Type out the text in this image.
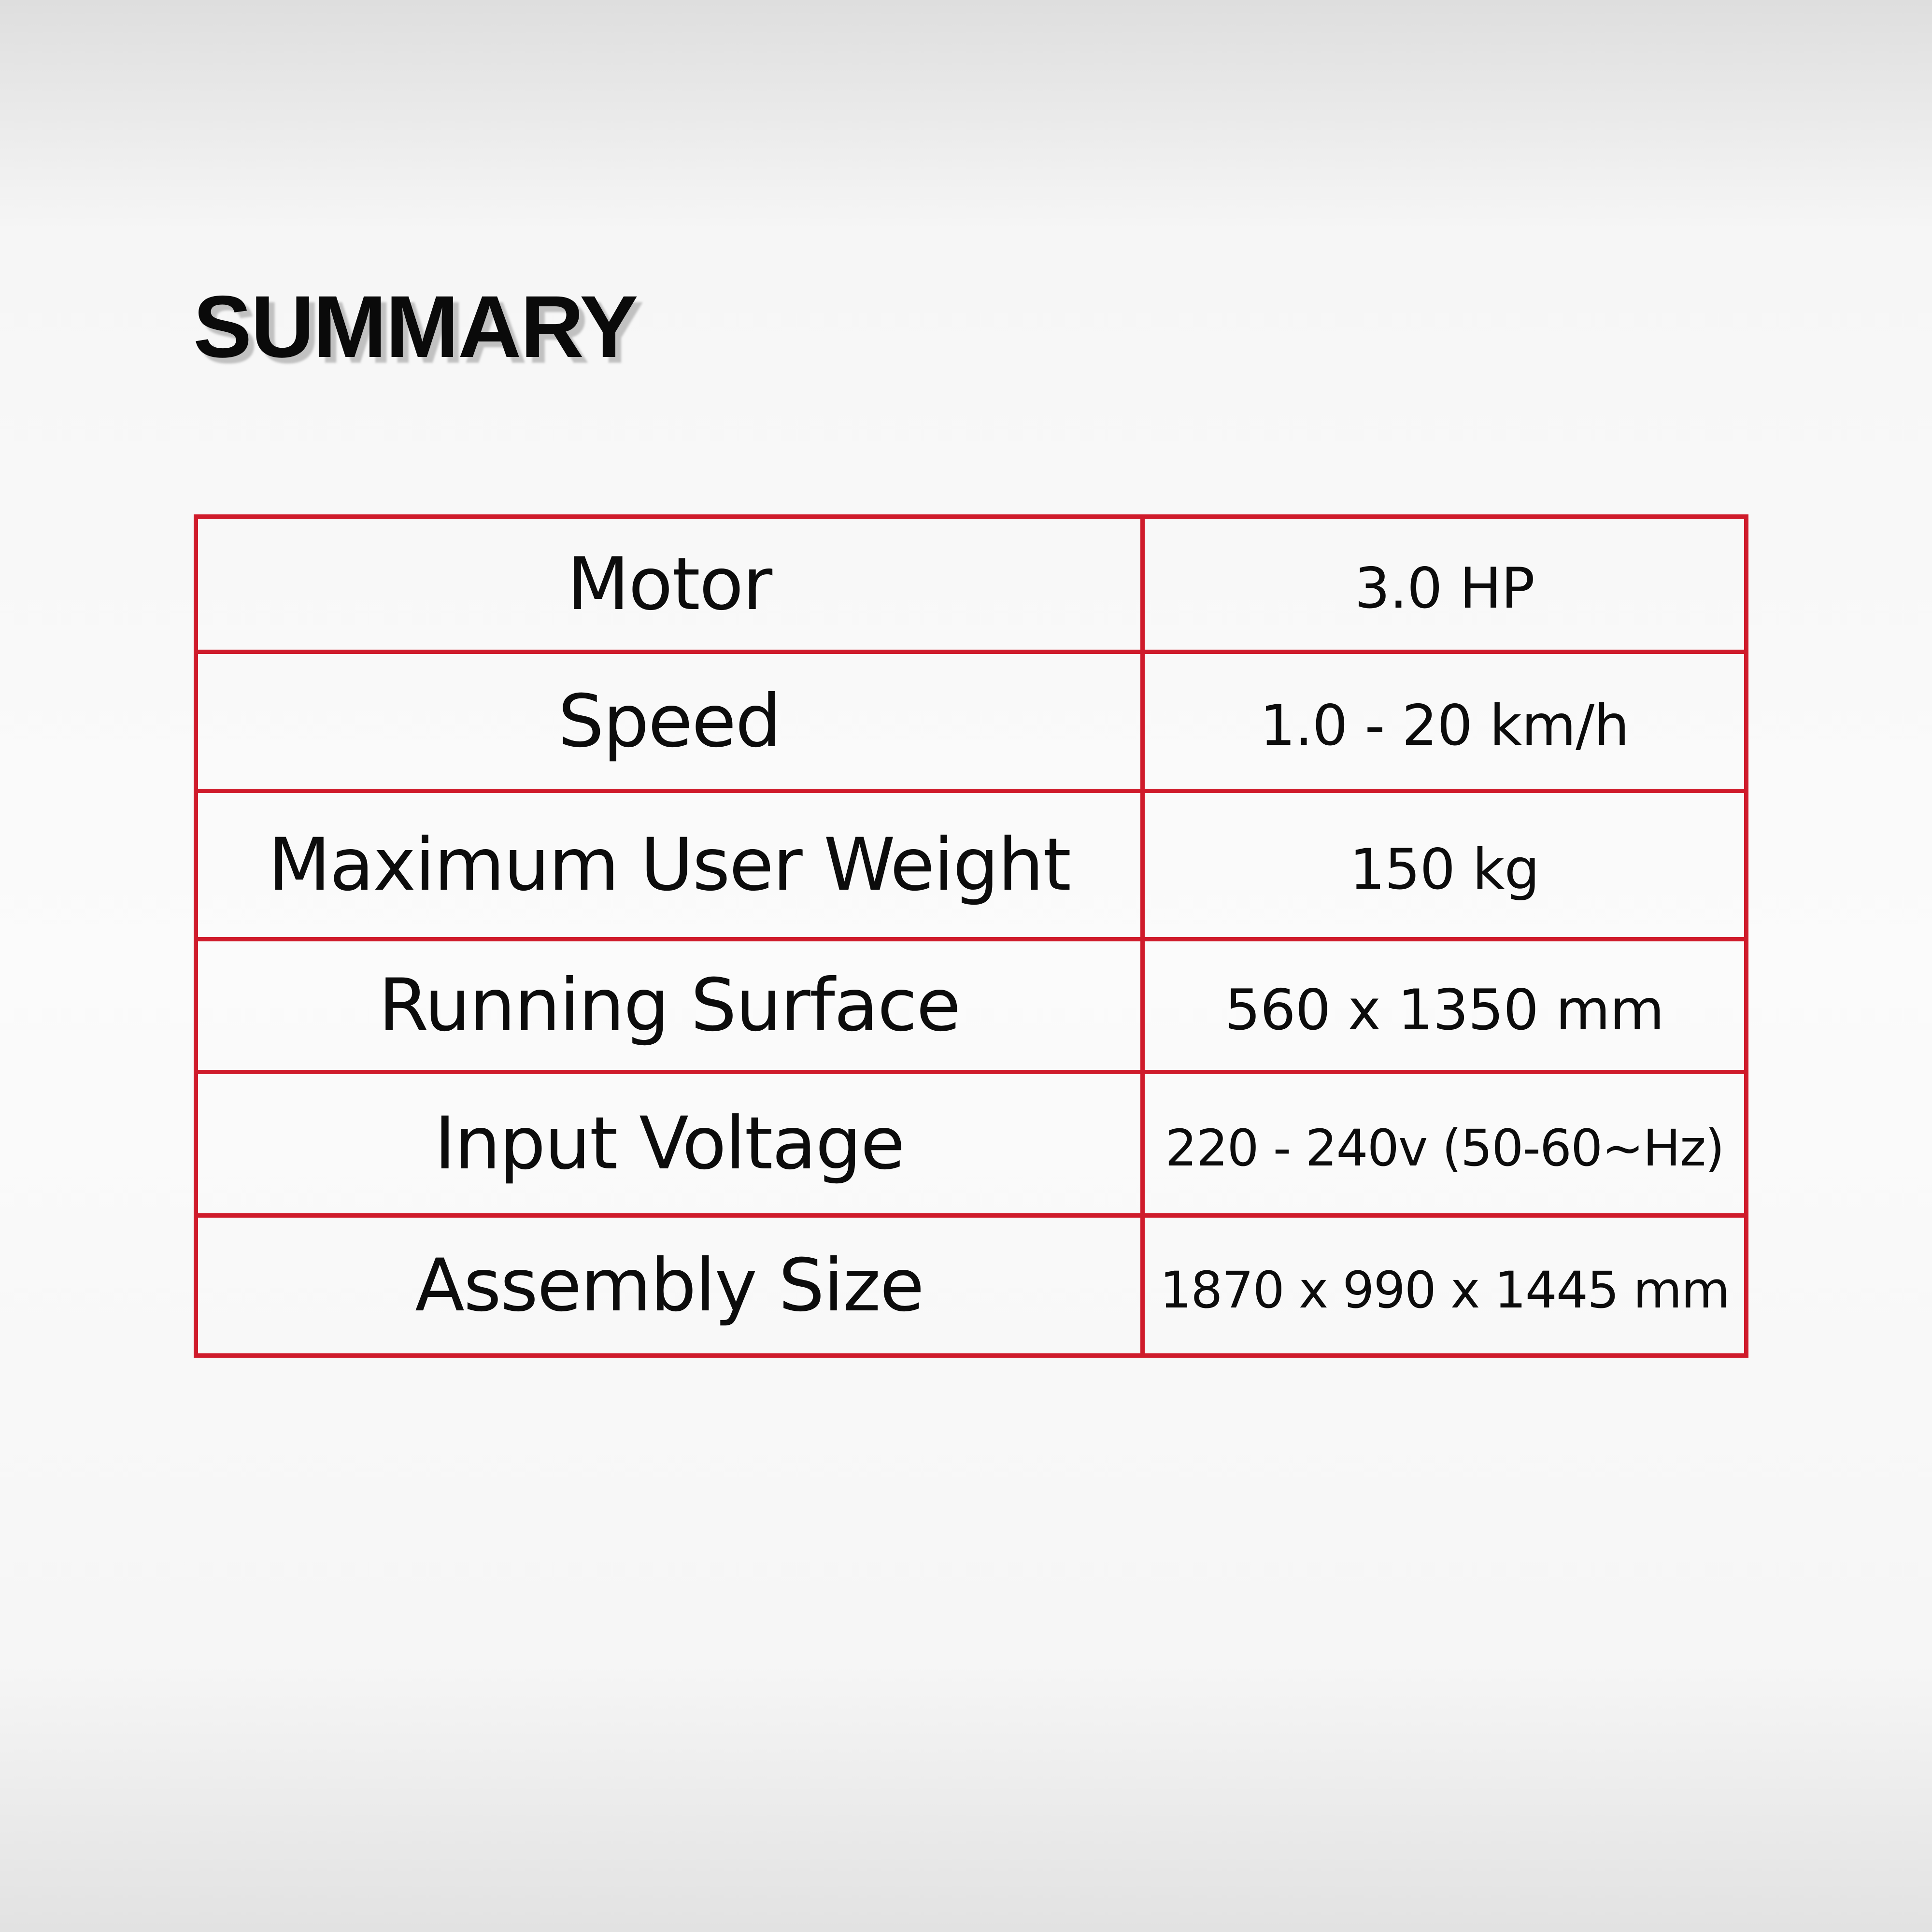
SUMMARY
Motor	3.0 HP
Speed	1.0 - 20 km/h
Maximum User Weight	150 kg
Running Surface	560 x 1350 mm
Input Voltage	220 - 240v (50-60~Hz)
Assembly Size	1870 x 990 x 1445 mm
